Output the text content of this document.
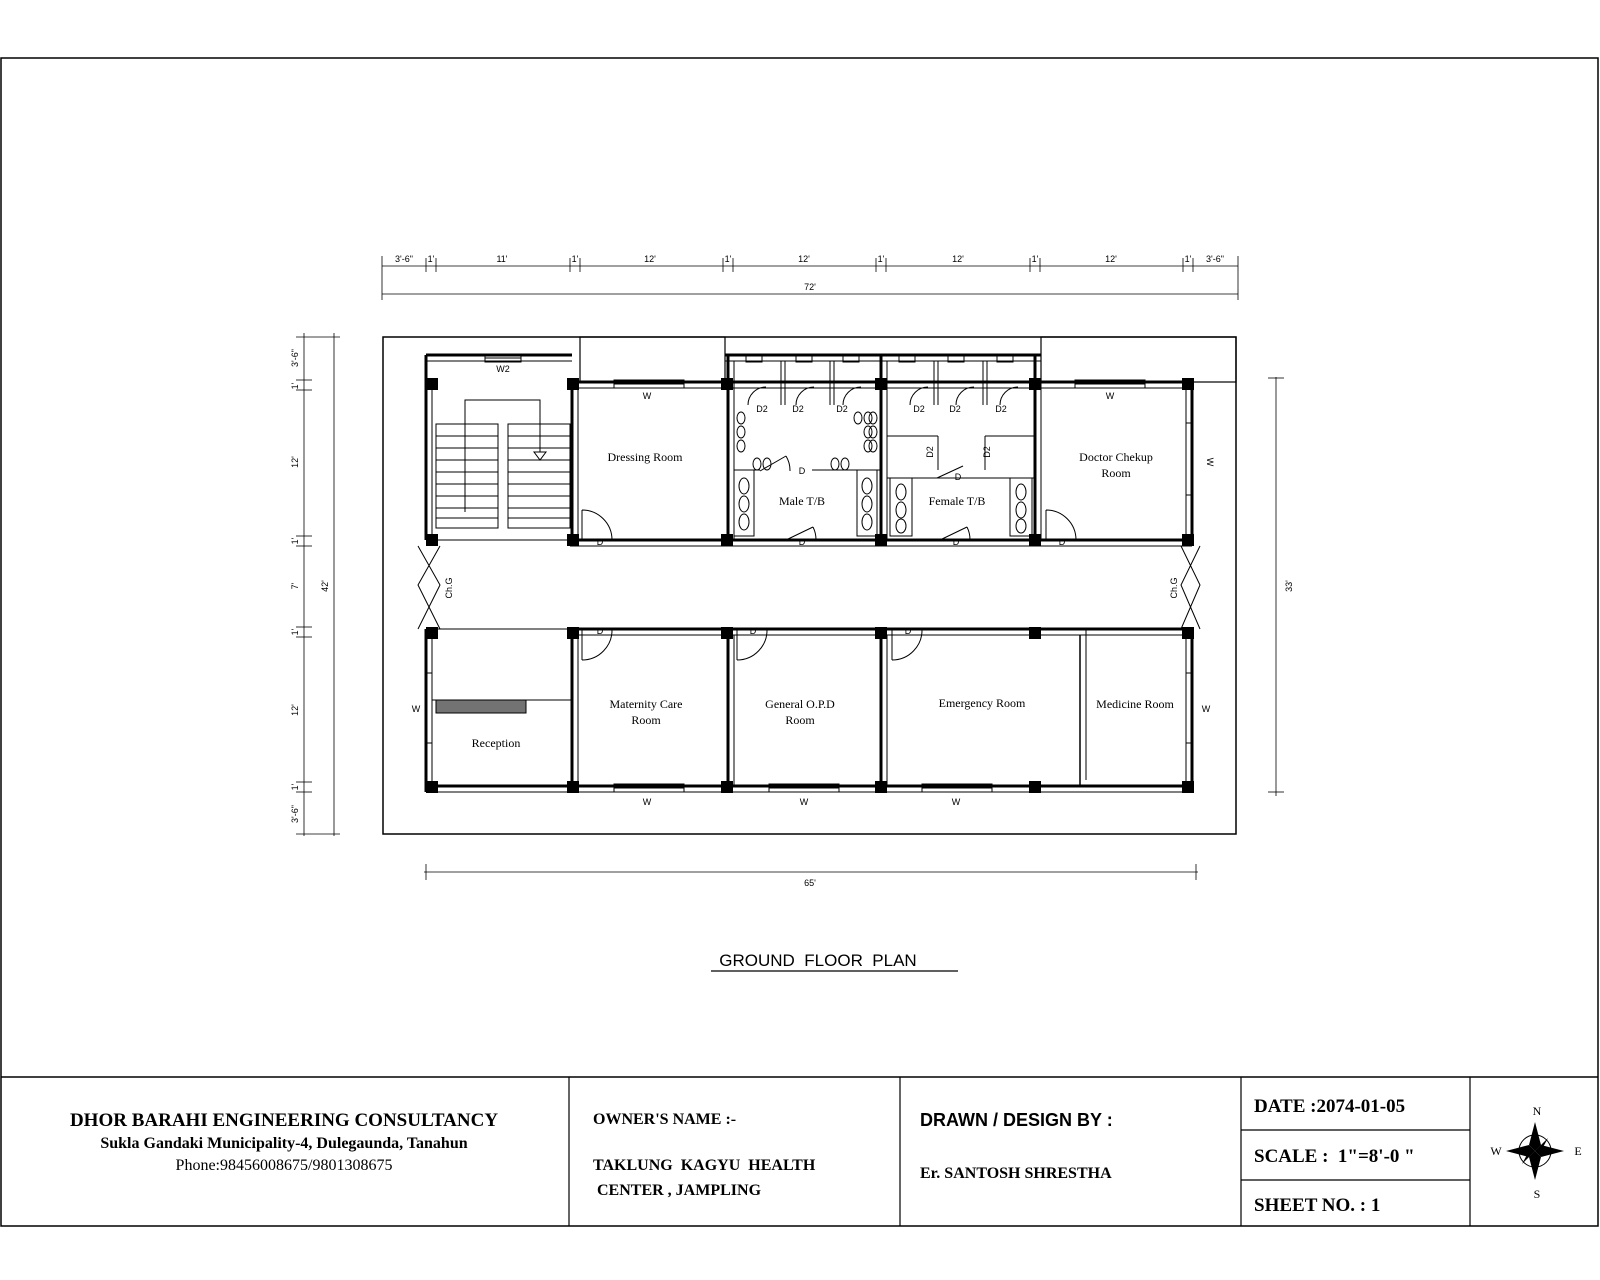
3'-6" 1'	11'	1'	12'	1'	12'	1'	12'	1'	12'	1' 3'-6"
72'
3'-6"
1'
12'
1'
7'
1'
12'
1'
3'-6"
42'	33'
65'
W2
W	W
W	W	W
W	W
W
D	D	D	D
D	D	D
D
D
D2	D2	D2	D2	D2	D2
D2	D2
Ch.G	Ch.G
Dressing Room	Doctor Chekup
Room
Male T/B	Female T/B
Maternity Care
Room
General O.P.D
Room
Emergency Room	Medicine Room
Reception
GROUND  FLOOR  PLAN
DHOR BARAHI ENGINEERING CONSULTANCY
Sukla Gandaki Municipality-4, Dulegaunda, Tanahun
Phone:98456008675/9801308675
OWNER'S NAME :-
TAKLUNG  KAGYU  HEALTH
CENTER , JAMPLING
DRAWN / DESIGN BY :
Er. SANTOSH SHRESTHA
DATE :2074-01-05
SCALE :  1"=8'-0 "
SHEET NO. : 1
N
S
W	E
